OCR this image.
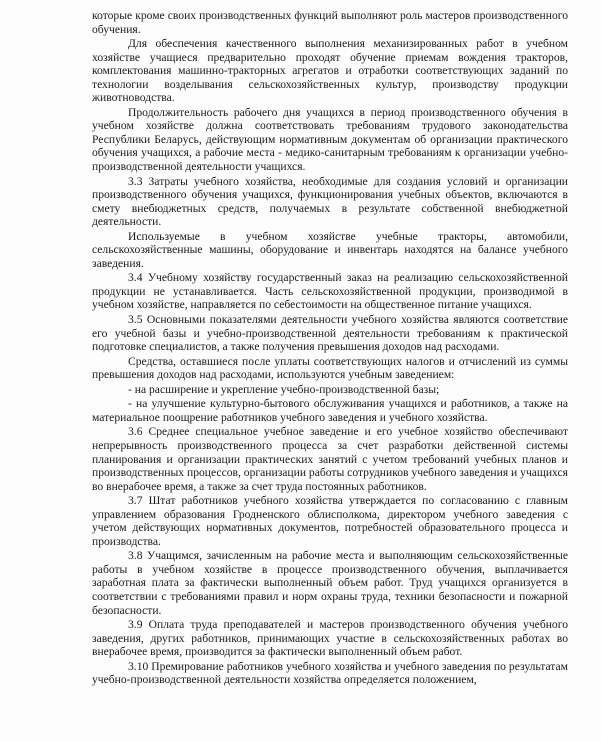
которые кроме своих производственных функций выполняют роль мастеров производственного обучения.

Для обеспечения качественного выполнения механизированных работ в учебном хозяйстве учащиеся предварительно проходят обучение приемам вождения тракторов, комплектования машинно-тракторных агрегатов и отработки соответствующих заданий по технологии возделывания сельскохозяйственных культур, производству продукции животноводства.

Продолжительность рабочего дня учащихся в период производственного обучения в учебном хозяйстве должна соответствовать требованиям трудового законодательства Республики Беларусь, действующим нормативным документам об организации практического обучения учащихся, а рабочие места - медико-санитарным требованиям к организации учебно-производственной деятельности учащихся.

3.3 Затраты учебного хозяйства, необходимые для создания условий и организации производственного обучения учащихся, функционирования учебных объектов, включаются в смету внебюджетных средств, получаемых в результате собственной внебюджетной деятельности.

Используемые в учебном хозяйстве учебные тракторы, автомобили, сельскохозяйственные машины, оборудование и инвентарь находятся на балансе учебного заведения.

3.4 Учебному хозяйству государственный заказ на реализацию сельскохозяйственной продукции не устанавливается. Часть сельскохозяйственной продукции, производимой в учебном хозяйстве, направляется по себестоимости на общественное питание учащихся.

3.5 Основными показателями деятельности учебного хозяйства являются соответствие его учебной базы и учебно-производственной деятельности требованиям к практической подготовке специалистов, а также получения превышения доходов над расходами.

Средства, оставшиеся после уплаты соответствующих налогов и отчислений из суммы превышения доходов над расходами, используются учебным заведением:

- на расширение и укрепление учебно-производственной базы;

- на улучшение культурно-бытового обслуживания учащихся и работников, а также на материальное поощрение работников учебного заведения и учебного хозяйства.

3.6 Среднее специальное учебное заведение и его учебное хозяйство обеспечивают непрерывность производственного процесса за счет разработки действенной системы планирования и организации практических занятий с учетом требований учебных планов и производственных процессов, организации работы сотрудников учебного заведения и учащихся во внерабочее время, а также за счет труда постоянных работников.

3.7 Штат работников учебного хозяйства утверждается по согласованию с главным управлением образования Гродненского облисполкома, директором учебного заведения с учетом действующих нормативных документов, потребностей образовательного процесса и производства.

3.8 Учащимся, зачисленным на рабочие места и выполняющим сельскохозяйственные работы в учебном хозяйстве в процессе производственного обучения, выплачивается заработная плата за фактически выполненный объем работ. Труд учащихся организуется в соответствии с требованиями правил и норм охраны труда, техники безопасности и пожарной безопасности.

3.9 Оплата труда преподавателей и мастеров производственного обучения учебного заведения, других работников, принимающих участие в сельскохозяйственных работах во внерабочее время, производится за фактически выполненный объем работ.

3.10 Премирование работников учебного хозяйства и учебного заведения по результатам учебно-производственной деятельности хозяйства определяется положением,
